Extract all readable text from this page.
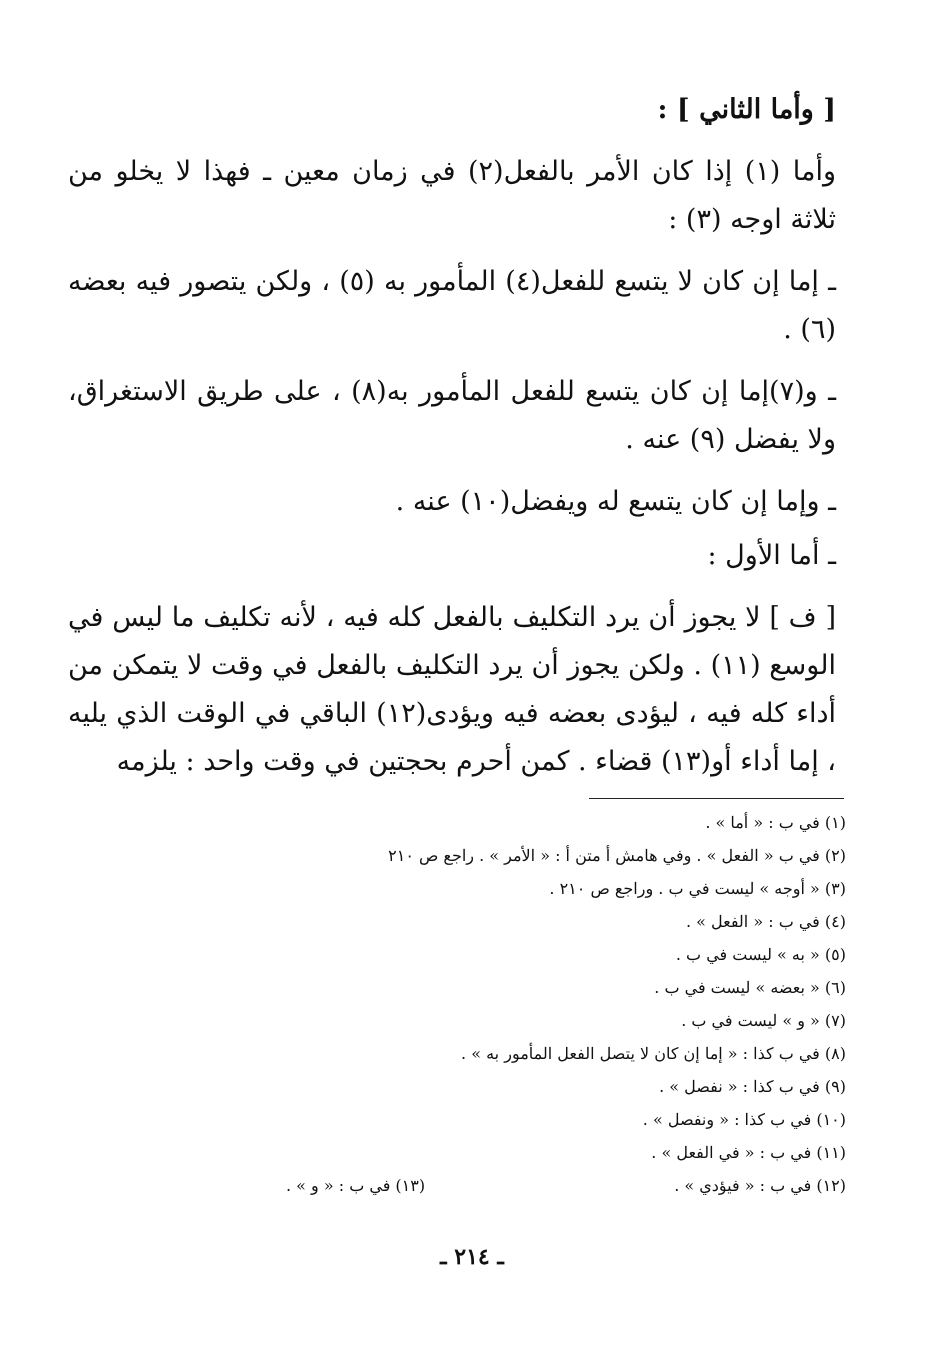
[ وأما الثاني ] :

وأما (١) إذا كان الأمر بالفعل(٢) في زمان معين ـ فهذا لا يخلو من ثلاثة اوجه (٣) :

ـ إما إن كان لا يتسع للفعل(٤) المأمور به (٥) ، ولكن يتصور فيه بعضه (٦) .

ـ و(٧)إما إن كان يتسع للفعل المأمور به(٨) ، على طريق الاستغراق، ولا يفضل (٩) عنه .

ـ وإما إن كان يتسع له ويفضل(١٠) عنه .

ـ أما الأول :

[ ف ] لا يجوز أن يرد التكليف بالفعل كله فيه ، لأنه تكليف ما ليس في الوسع (١١) . ولكن يجوز أن يرد التكليف بالفعل في وقت لا يتمكن من أداء كله فيه ، ليؤدى بعضه فيه ويؤدى(١٢) الباقي في الوقت الذي يليه ، إما أداء أو(١٣) قضاء . كمن أحرم بحجتين في وقت واحد : يلزمه

(١) في ب : « أما » .
(٢) في ب « الفعل » . وفي هامش أ متن أ : « الأمر » . راجع ص ٢١٠
(٣) « أوجه » ليست في ب . وراجع ص ٢١٠ .
(٤) في ب : « الفعل » .
(٥) « به » ليست في ب .
(٦) « بعضه » ليست في ب .
(٧) « و » ليست في ب .
(٨) في ب كذا : « إما إن كان لا يتصل الفعل المأمور به » .
(٩) في ب كذا : « نفصل » .
(١٠) في ب كذا : « ونفصل » .
(١١) في ب : « في الفعل » .
(١٢) في ب : « فيؤدي » .
(١٣) في ب : « و » .
ـ ٢١٤ ـ
